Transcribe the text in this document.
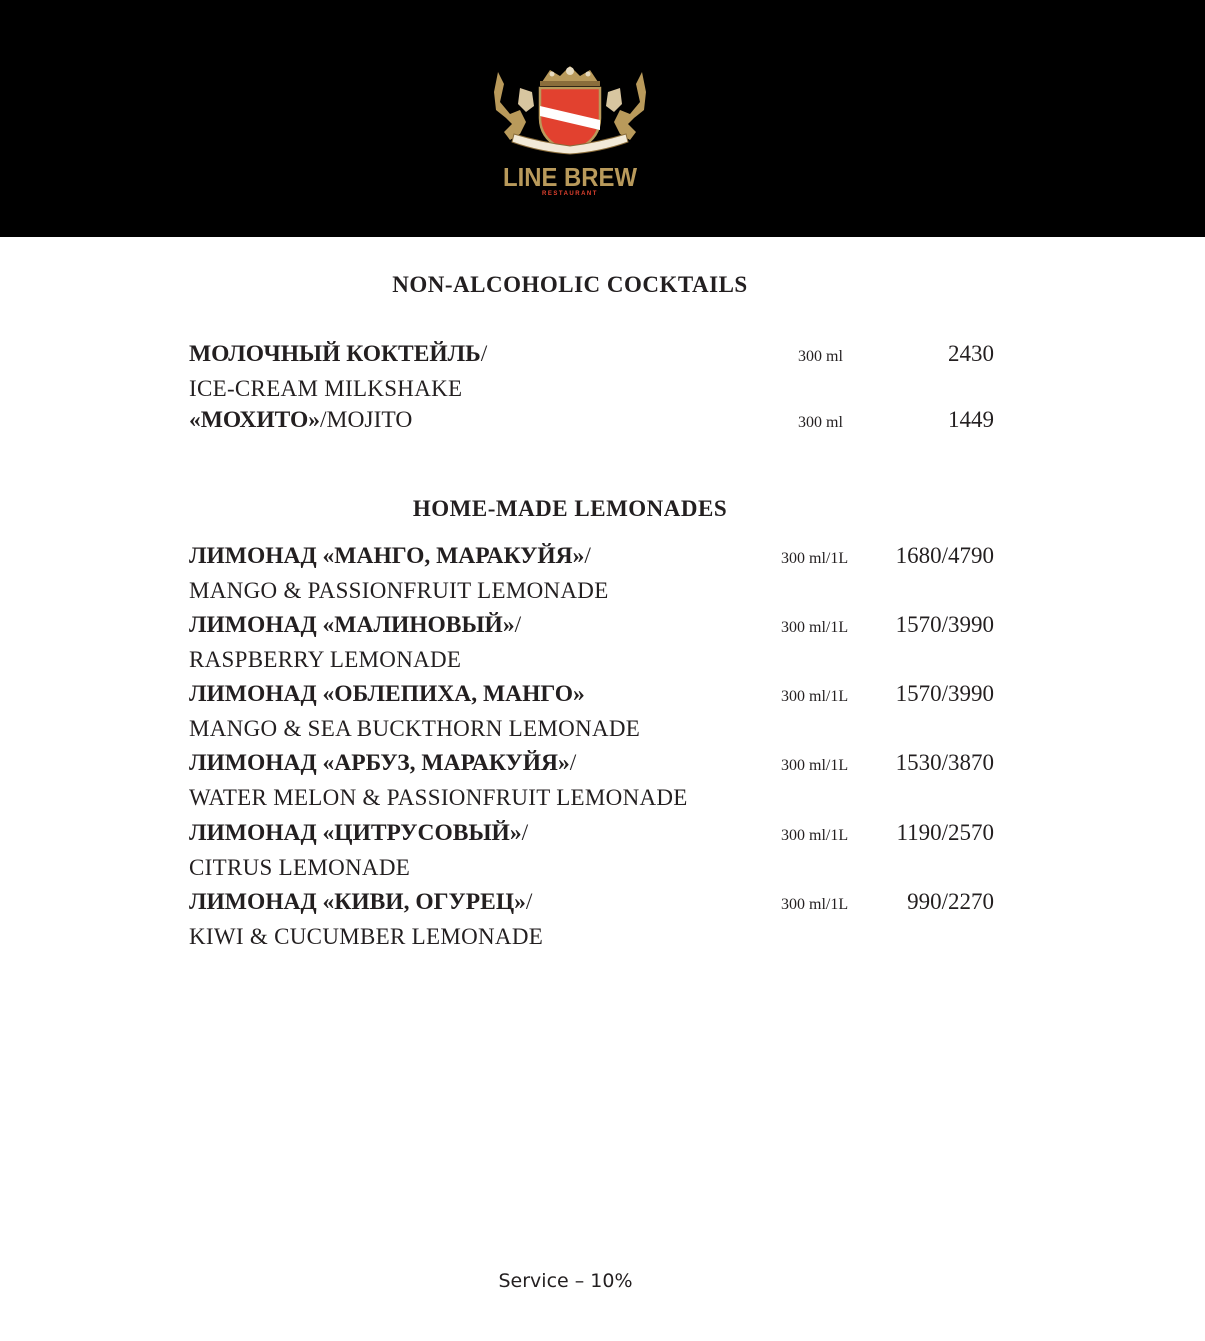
LINE BREW
RESTAURANT
NON-ALCOHOLIC COCKTAILS
МОЛОЧНЫЙ КОКТЕЙЛЬ/	300 ml	2430
ICE-CREAM MILKSHAKE
«МОХИТО»/MOJITO	300 ml	1449
HOME-MADE LEMONADES
ЛИМОНАД «МАНГО, МАРАКУЙЯ»/	300 ml/1L 1680/4790
MANGO & PASSIONFRUIT LEMONADE
ЛИМОНАД «МАЛИНОВЫЙ»/	300 ml/1L 1570/3990
RASPBERRY LEMONADE
ЛИМОНАД «ОБЛЕПИХА, МАНГО»	300 ml/1L 1570/3990
MANGO & SEA BUCKTHORN LEMONADE
ЛИМОНАД «АРБУЗ, МАРАКУЙЯ»/	300 ml/1L 1530/3870
WATER MELON & PASSIONFRUIT LEMONADE
ЛИМОНАД «ЦИТРУСОВЫЙ»/	300 ml/1L 1190/2570
CITRUS LEMONADE
ЛИМОНАД «КИВИ, ОГУРЕЦ»/	300 ml/1L	990/2270
KIWI & CUCUMBER LEMONADE
Service – 10%
